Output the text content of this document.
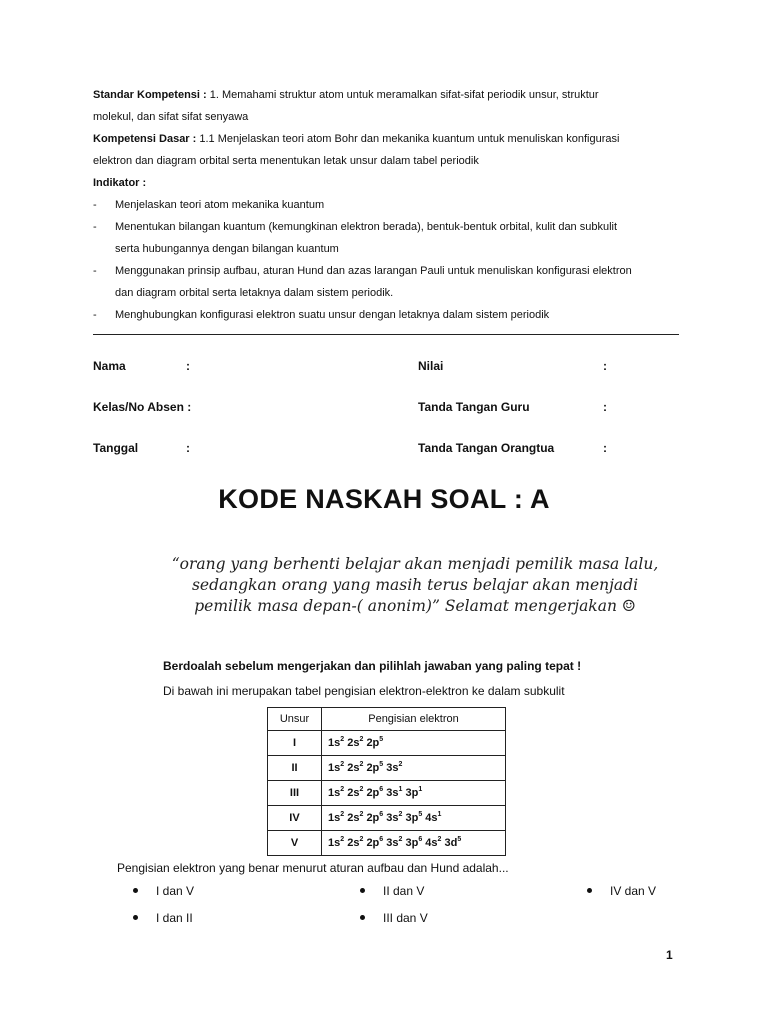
Standar Kompetensi : 1. Memahami struktur atom untuk meramalkan sifat-sifat periodik unsur, struktur
molekul, dan sifat sifat senyawa
Kompetensi Dasar : 1.1 Menjelaskan teori atom Bohr dan mekanika kuantum untuk menuliskan konfigurasi
elektron dan diagram orbital serta menentukan letak unsur dalam tabel periodik
Indikator :
- Menjelaskan teori atom mekanika kuantum
- Menentukan bilangan kuantum (kemungkinan elektron berada), bentuk-bentuk orbital, kulit dan subkulit
serta hubungannya dengan bilangan kuantum
- Menggunakan prinsip aufbau, aturan Hund dan azas larangan Pauli untuk menuliskan konfigurasi elektron
dan diagram orbital serta letaknya dalam sistem periodik.
- Menghubungkan konfigurasi elektron suatu unsur dengan letaknya dalam sistem periodik
Nama	:
Kelas/No Absen :
Tanggal	:
Nilai	:
Tanda Tangan Guru	:
Tanda Tangan Orangtua	:
KODE NASKAH SOAL : A
“orang yang berhenti belajar akan menjadi pemilik masa lalu,
sedangkan orang yang masih terus belajar akan menjadi
pemilik masa depan-( anonim)” Selamat mengerjakan ☺
Berdoalah sebelum mengerjakan dan pilihlah jawaban yang paling tepat !
Di bawah ini merupakan tabel pengisian elektron-elektron ke dalam subkulit
Unsur	Pengisian elektron
I	$1s^2$ $2s^2$ $2p^5$
II	$1s^2$ $2s^2$ $2p^5$ $3s^2$
III	$1s^2$ $2s^2$ $2p^6$ $3s^1$ $3p^1$
IV	$1s^2$ $2s^2$ $2p^6$ $3s^2$ $3p^5$ $4s^1$
V	$1s^2$ $2s^2$ $2p^6$ $3s^2$ $3p^6$ $4s^2$ $3d^5$
Pengisian elektron yang benar menurut aturan aufbau dan Hund adalah...
I dan V	II dan V	IV dan V
I dan II	III dan V
1
